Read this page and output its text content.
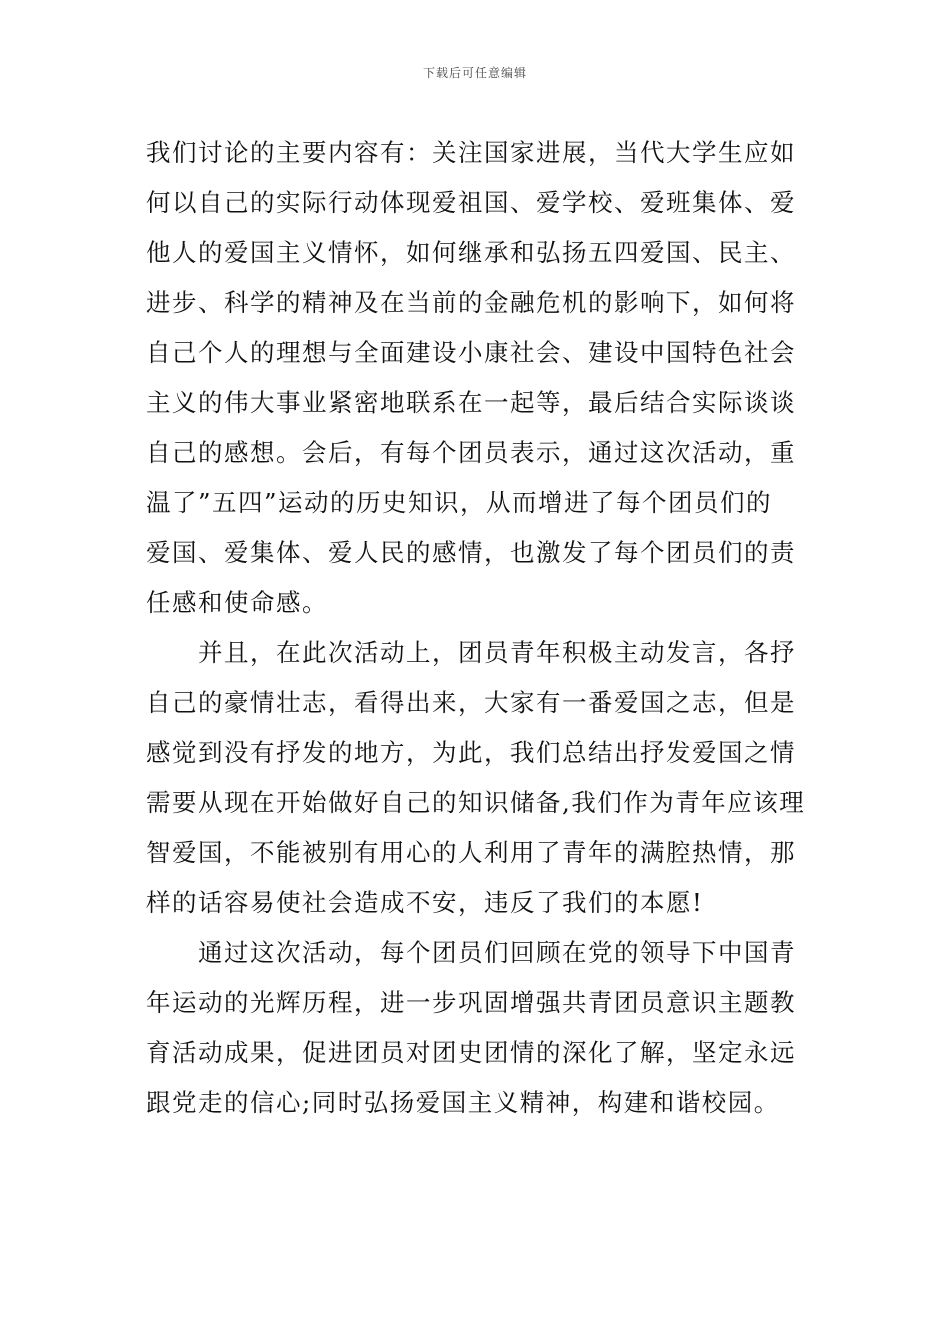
下载后可任意编辑
我们讨论的主要内容有：关注国家进展，当代大学生应如
何以自己的实际行动体现爱祖国、爱学校、爱班集体、爱
他人的爱国主义情怀，如何继承和弘扬五四爱国、民主、
进步、科学的精神及在当前的金融危机的影响下，如何将
自己个人的理想与全面建设小康社会、建设中国特色社会
主义的伟大事业紧密地联系在一起等，最后结合实际谈谈
自己的感想。会后，有每个团员表示，通过这次活动，重
温了”五四”运动的历史知识，从而增进了每个团员们的
爱国、爱集体、爱人民的感情，也激发了每个团员们的责
任感和使命感。
并且，在此次活动上，团员青年积极主动发言，各抒
自己的豪情壮志，看得出来，大家有一番爱国之志，但是
感觉到没有抒发的地方，为此，我们总结出抒发爱国之情
需要从现在开始做好自己的知识储备,我们作为青年应该理
智爱国，不能被别有用心的人利用了青年的满腔热情，那
样的话容易使社会造成不安，违反了我们的本愿!
通过这次活动，每个团员们回顾在党的领导下中国青
年运动的光辉历程，进一步巩固增强共青团员意识主题教
育活动成果，促进团员对团史团情的深化了解，坚定永远
跟党走的信心;同时弘扬爱国主义精神，构建和谐校园。
